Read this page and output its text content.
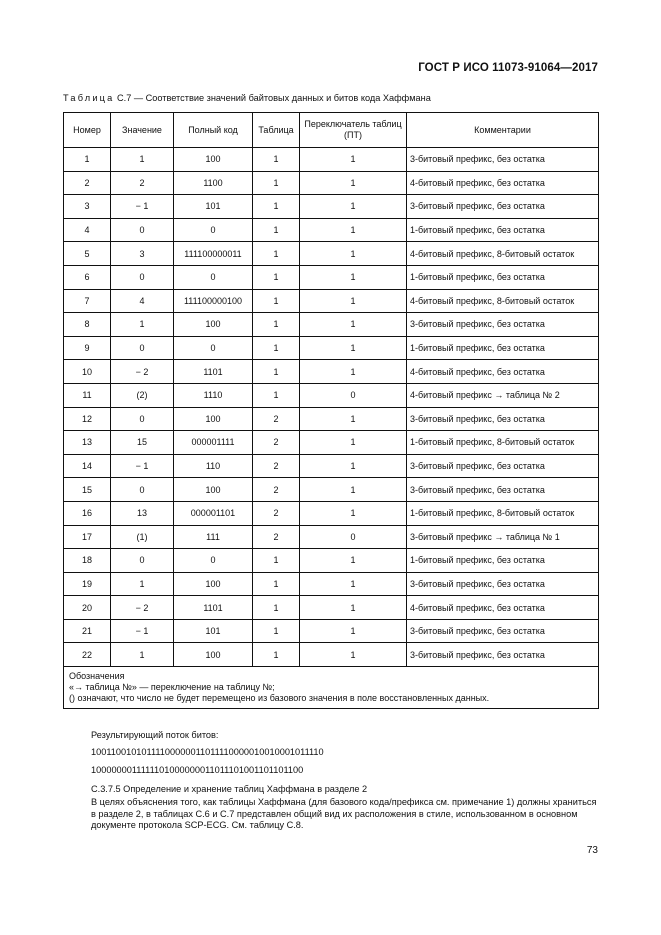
ГОСТ Р ИСО 11073-91064—2017
Таблица С.7 — Соответствие значений байтовых данных и битов кода Хаффмана
Номер	Значение	Полный код	Таблица	Переключатель таблиц (ПТ)	Комментарии
1	1	100	1	1	3-битовый префикс, без остатка
2	2	1100	1	1	4-битовый префикс, без остатка
3	− 1	101	1	1	3-битовый префикс, без остатка
4	0	0	1	1	1-битовый префикс, без остатка
5	3	111100000011	1	1	4-битовый префикс, 8-битовый остаток
6	0	0	1	1	1-битовый префикс, без остатка
7	4	111100000100	1	1	4-битовый префикс, 8-битовый остаток
8	1	100	1	1	3-битовый префикс, без остатка
9	0	0	1	1	1-битовый префикс, без остатка
10	− 2	1101	1	1	4-битовый префикс, без остатка
11	(2)	1110	1	0	4-битовый префикс → таблица № 2
12	0	100	2	1	3-битовый префикс, без остатка
13	15	000001111	2	1	1-битовый префикс, 8-битовый остаток
14	− 1	110	2	1	3-битовый префикс, без остатка
15	0	100	2	1	3-битовый префикс, без остатка
16	13	000001101	2	1	1-битовый префикс, 8-битовый остаток
17	(1)	111	2	0	3-битовый префикс → таблица № 1
18	0	0	1	1	1-битовый префикс, без остатка
19	1	100	1	1	3-битовый префикс, без остатка
20	− 2	1101	1	1	4-битовый префикс, без остатка
21	− 1	101	1	1	3-битовый префикс, без остатка
22	1	100	1	1	3-битовый префикс, без остатка

Обозначения
«→ таблица №» — переключение на таблицу №;
() означают, что число не будет перемещено из базового значения в поле восстановленных данных.					
Результирующий поток битов:
10011001010111100000011011110000010010001011110
1000000011111101000000011011101001101101100
С.3.7.5 Определение и хранение таблиц Хаффмана в разделе 2
В целях объяснения того, как таблицы Хаффмана (для базового кода/префикса см. примечание 1) должны храниться в разделе 2, в таблицах С.6 и С.7 представлен общий вид их расположения в стиле, использованном в основном документе протокола SCP-ECG. См. таблицу С.8.
73
